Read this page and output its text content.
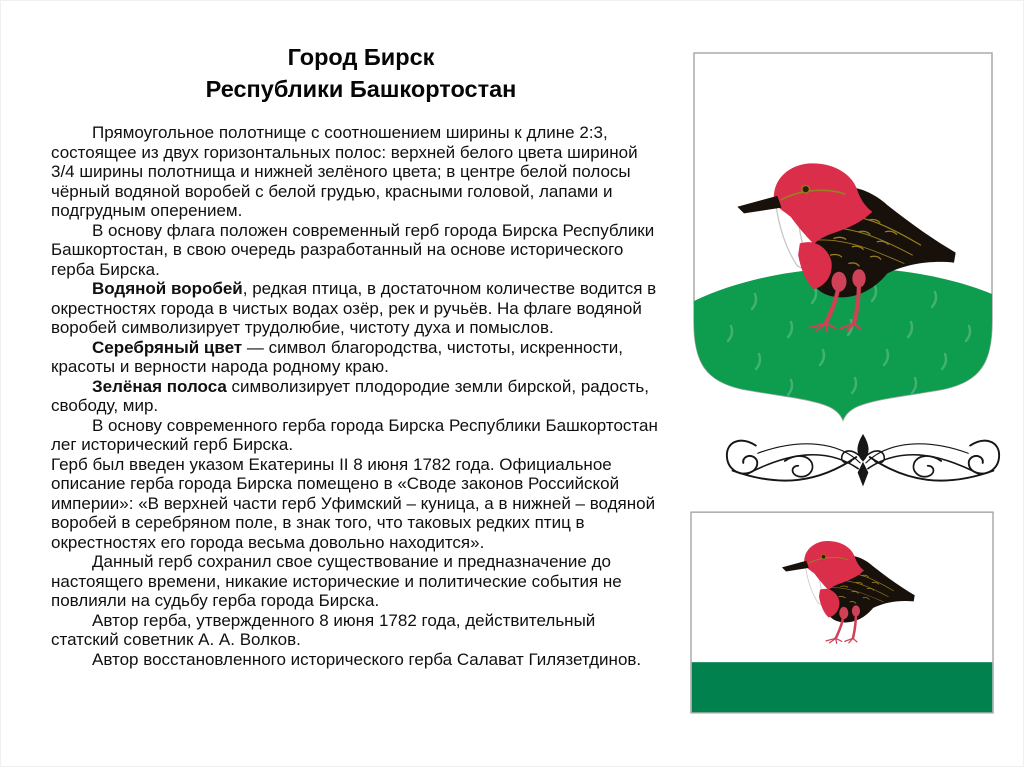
Город Бирск
Республики Башкортостан

Прямоугольное полотнище с соотношением ширины к длине 2:3, состоящее из двух горизонтальных полос: верхней белого цвета шириной 3/4 ширины полотнища и нижней зелёного цвета; в центре белой полосы чёрный водяной воробей с белой грудью, красными головой, лапами и подгрудным оперением.

В основу флага положен современный герб города Бирска Республики Башкортостан, в свою очередь разработанный на основе исторического герба Бирска.

Водяной воробей, редкая птица, в достаточном количестве водится в окрестностях города в чистых водах озёр, рек и ручьёв. На флаге водяной воробей символизирует трудолюбие, чистоту духа и помыслов.

Серебряный цвет — символ благородства, чистоты, искренности, красоты и верности народа родному краю.

Зелёная полоса символизирует плодородие земли бирской, радость, свободу, мир.

В основу современного герба города Бирска Республики Башкортостан лег исторический герб Бирска.

Герб был введен указом Екатерины II 8 июня 1782 года. Официальное описание герба города Бирска помещено в «Своде законов Российской империи»: «В верхней части герб Уфимский – куница, а в нижней – водяной воробей в серебряном поле, в знак того, что таковых редких птиц в окрестностях его города весьма довольно находится».

Данный герб сохранил свое существование и предназначение до настоящего времени, никакие исторические и политические события не повлияли на судьбу герба города Бирска.

Автор герба, утвержденного 8 июня 1782 года, действительный статский советник А. А. Волков.

Автор восстановленного исторического герба Салават Гилязетдинов.
